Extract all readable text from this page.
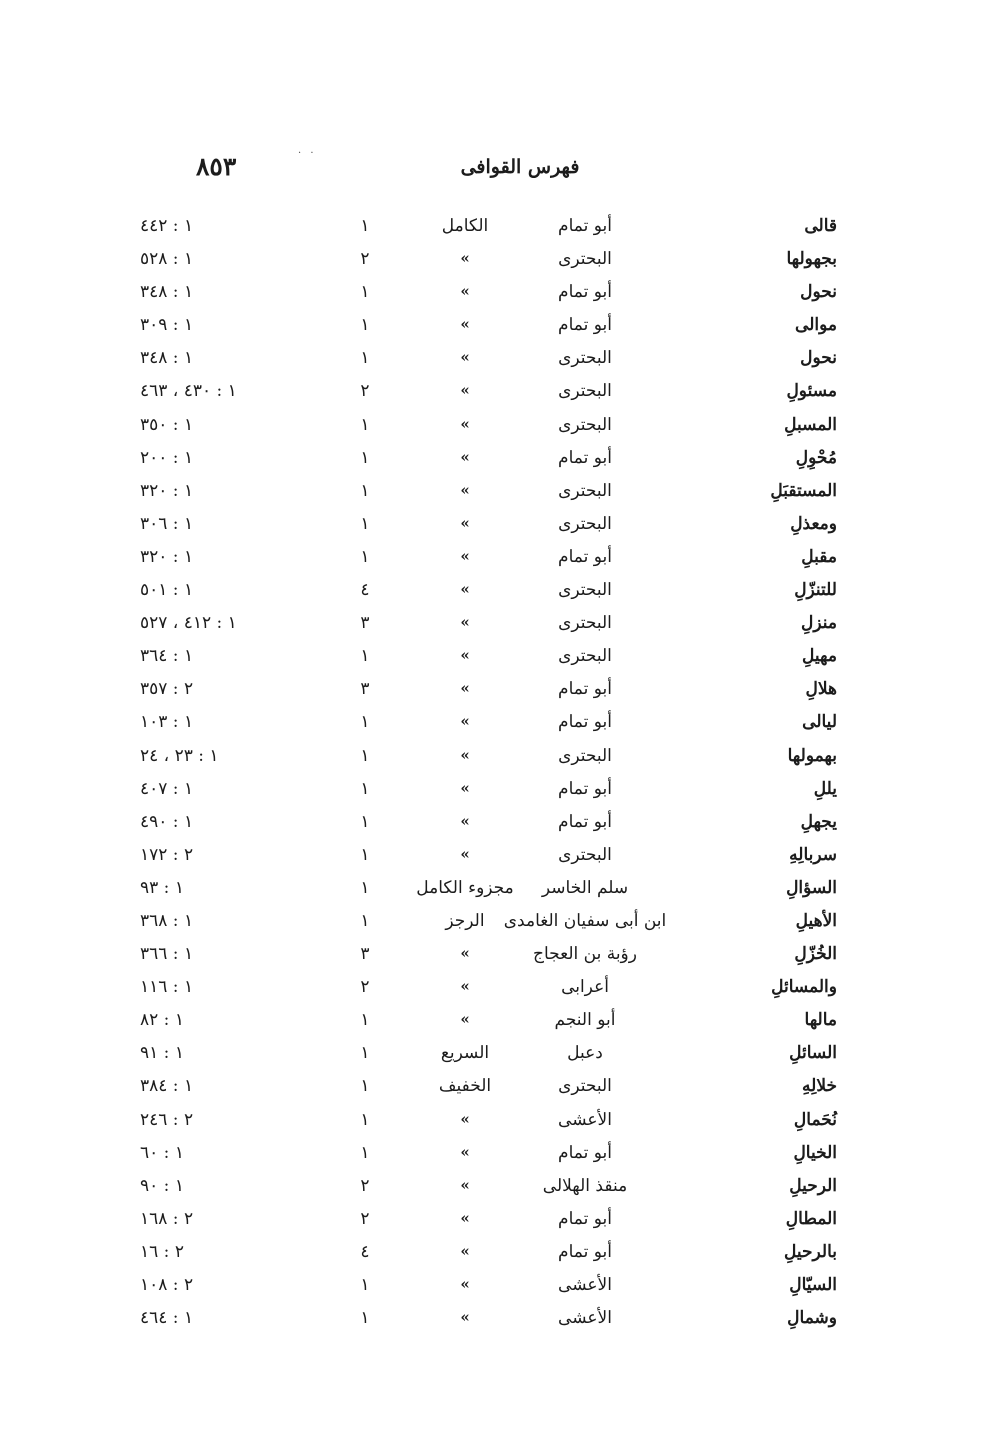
٨٥٣	· ·
فهرس القوافى
قالى
أبو تمام
الكامل
١
١ : ٤٤٢
بجهولها
البحترى
»
٢
١ : ٥٢٨
نحول
أبو تمام
»
١
١ : ٣٤٨
موالى
أبو تمام
»
١
١ : ٣٠٩
نحول
البحترى
»
١
١ : ٣٤٨
مسئولِ
البحترى
»
٢
١ : ٤٣٠ ، ٤٦٣
المسبلِ
البحترى
»
١
١ : ٣٥٠
مُحْوِلِ
أبو تمام
»
١
١ : ٢٠٠
المستقبَلِ
البحترى
»
١
١ : ٣٢٠
ومعذلِ
البحترى
»
١
١ : ٣٠٦
مقبلِ
أبو تمام
»
١
١ : ٣٢٠
للتنزّلِ
البحترى
»
٤
١ : ٥٠١
منزلِ
البحترى
»
٣
١ : ٤١٢ ، ٥٢٧
مهيلِ
البحترى
»
١
١ : ٣٦٤
هلالِ
أبو تمام
»
٣
٢ : ٣٥٧
ليالى
أبو تمام
»
١
١ : ١٠٣
بهمولها
البحترى
»
١
١ : ٢٣ ، ٢٤
يللِ
أبو تمام
»
١
١ : ٤٠٧
يجهلِ
أبو تمام
»
١
١ : ٤٩٠
سربالِهِ
البحترى
»
١
٢ : ١٧٢
السؤالِ
سلم الخاسر
مجزوء الكامل
١
١ : ٩٣
الأهيلِ
ابن أبى سفيان الغامدى
الرجز
١
١ : ٣٦٨
الخُزّلِ
رؤبة بن العجاج
»
٣
١ : ٣٦٦
والمسائلِ
أعرابى
»
٢
١ : ١١٦
مالها
أبو النجم
»
١
١ : ٨٢
السائلِ
دعبل
السريع
١
١ : ٩١
خلالِهِ
البحترى
الخفيف
١
١ : ٣٨٤
نُحَمالِ
الأعشى
»
١
٢ : ٢٤٦
الخيالِ
أبو تمام
»
١
١ : ٦٠
الرحيلِ
منقذ الهلالى
»
٢
١ : ٩٠
المطالِ
أبو تمام
»
٢
٢ : ١٦٨
بالرحيلِ
أبو تمام
»
٤
٢ : ١٦
السيّالِ
الأعشى
»
١
٢ : ١٠٨
وشمالِ
الأعشى
»
١
١ : ٤٦٤
